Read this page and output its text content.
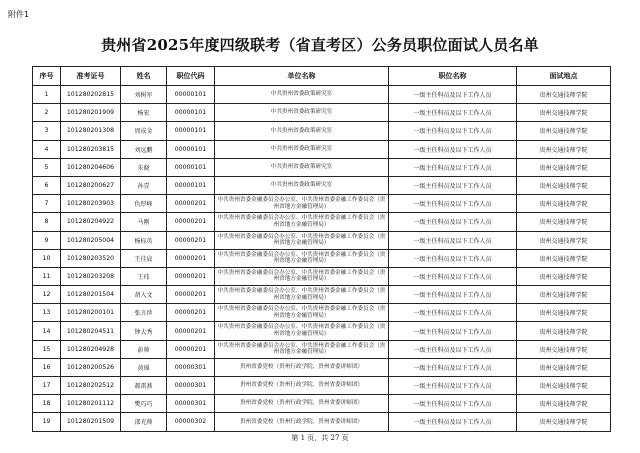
附件1
贵州省2025年度四级联考（省直考区）公务员职位面试人员名单
序号	准考证号	姓名	职位代码	单位名称	职位名称	面试地点
1	101280202815	刘树军	00000101	中共贵州省委政策研究室	一级主任科员及以下工作人员	贵州交通技师学院
2	101280201909	杨宏	00000101	中共贵州省委政策研究室	一级主任科员及以下工作人员	贵州交通技师学院
3	101280201308	周成金	00000101	中共贵州省委政策研究室	一级主任科员及以下工作人员	贵州交通技师学院
4	101280203815	刘远鹏	00000101	中共贵州省委政策研究室	一级主任科员及以下工作人员	贵州交通技师学院
5	101280204606	朱晓	00000101	中共贵州省委政策研究室	一级主任科员及以下工作人员	贵州交通技师学院
6	101280200627	孙壹	00000101	中共贵州省委政策研究室	一级主任科员及以下工作人员	贵州交通技师学院
7	101280203903	仇厚峰	00000201	中共贵州省委金融委员会办公室、中共贵州省委金融工作委员会（贵州省地方金融管理局）	一级主任科员及以下工作人员	贵州交通技师学院
8	101280204922	马刚	00000201	中共贵州省委金融委员会办公室、中共贵州省委金融工作委员会（贵州省地方金融管理局）	一级主任科员及以下工作人员	贵州交通技师学院
9	101280205004	杨标英	00000201	中共贵州省委金融委员会办公室、中共贵州省委金融工作委员会（贵州省地方金融管理局）	一级主任科员及以下工作人员	贵州交通技师学院
10	101280203520	王佳宸	00000201	中共贵州省委金融委员会办公室、中共贵州省委金融工作委员会（贵州省地方金融管理局）	一级主任科员及以下工作人员	贵州交通技师学院
11	101280203208	王玮	00000201	中共贵州省委金融委员会办公室、中共贵州省委金融工作委员会（贵州省地方金融管理局）	一级主任科员及以下工作人员	贵州交通技师学院
12	101280201504	胡入文	00000201	中共贵州省委金融委员会办公室、中共贵州省委金融工作委员会（贵州省地方金融管理局）	一级主任科员及以下工作人员	贵州交通技师学院
13	101280200101	张言珍	00000201	中共贵州省委金融委员会办公室、中共贵州省委金融工作委员会（贵州省地方金融管理局）	一级主任科员及以下工作人员	贵州交通技师学院
14	101280204511	钟大秀	00000201	中共贵州省委金融委员会办公室、中共贵州省委金融工作委员会（贵州省地方金融管理局）	一级主任科员及以下工作人员	贵州交通技师学院
15	101280204928	彭帅	00000201	中共贵州省委金融委员会办公室、中共贵州省委金融工作委员会（贵州省地方金融管理局）	一级主任科员及以下工作人员	贵州交通技师学院
16	101280200526	黄瑶	00000301	贵州省委党校（贵州行政学院、贵州省委讲师团）	一级主任科员及以下工作人员	贵州交通技师学院
17	101280202512	郝雷燕	00000301	贵州省委党校（贵州行政学院、贵州省委讲师团）	一级主任科员及以下工作人员	贵州交通技师学院
18	101280201112	樊巧巧	00000301	贵州省委党校（贵州行政学院、贵州省委讲师团）	一级主任科员及以下工作人员	贵州交通技师学院
19	101280201509	邵光帅	00000302	贵州省委党校（贵州行政学院、贵州省委讲师团）	一级主任科员及以下工作人员	贵州交通技师学院
第 1 页，共 27 页
